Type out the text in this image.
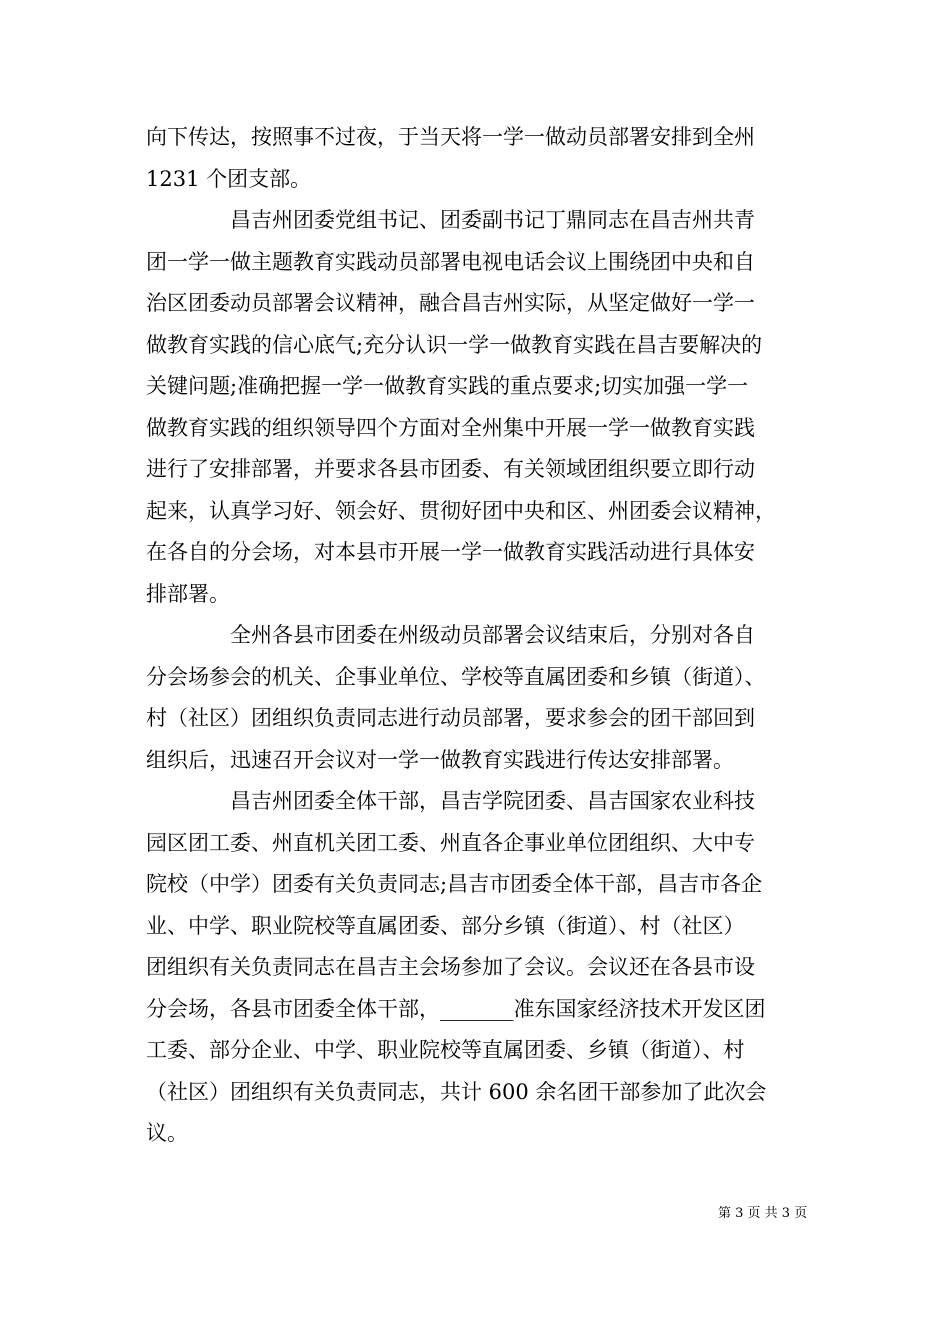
向下传达，按照事不过夜，于当天将一学一做动员部署安排到全州
1231 个团支部。
　　　　昌吉州团委党组书记、团委副书记丁鼎同志在昌吉州共青
团一学一做主题教育实践动员部署电视电话会议上围绕团中央和自
治区团委动员部署会议精神，融合昌吉州实际，从坚定做好一学一
做教育实践的信心底气;充分认识一学一做教育实践在昌吉要解决的
关键问题;准确把握一学一做教育实践的重点要求;切实加强一学一
做教育实践的组织领导四个方面对全州集中开展一学一做教育实践
进行了安排部署，并要求各县市团委、有关领域团组织要立即行动
起来，认真学习好、领会好、贯彻好团中央和区、州团委会议精神，
在各自的分会场，对本县市开展一学一做教育实践活动进行具体安
排部署。
　　　　全州各县市团委在州级动员部署会议结束后，分别对各自
分会场参会的机关、企事业单位、学校等直属团委和乡镇（街道）、
村（社区）团组织负责同志进行动员部署，要求参会的团干部回到
组织后，迅速召开会议对一学一做教育实践进行传达安排部署。
　　　　昌吉州团委全体干部，昌吉学院团委、昌吉国家农业科技
园区团工委、州直机关团工委、州直各企事业单位团组织、大中专
院校（中学）团委有关负责同志;昌吉市团委全体干部，昌吉市各企
业、中学、职业院校等直属团委、部分乡镇（街道）、村（社区）
团组织有关负责同志在昌吉主会场参加了会议。会议还在各县市设
分会场，各县市团委全体干部，_______准东国家经济技术开发区团
工委、部分企业、中学、职业院校等直属团委、乡镇（街道）、村
（社区）团组织有关负责同志，共计 600 余名团干部参加了此次会
议。
第 3 页 共 3 页
